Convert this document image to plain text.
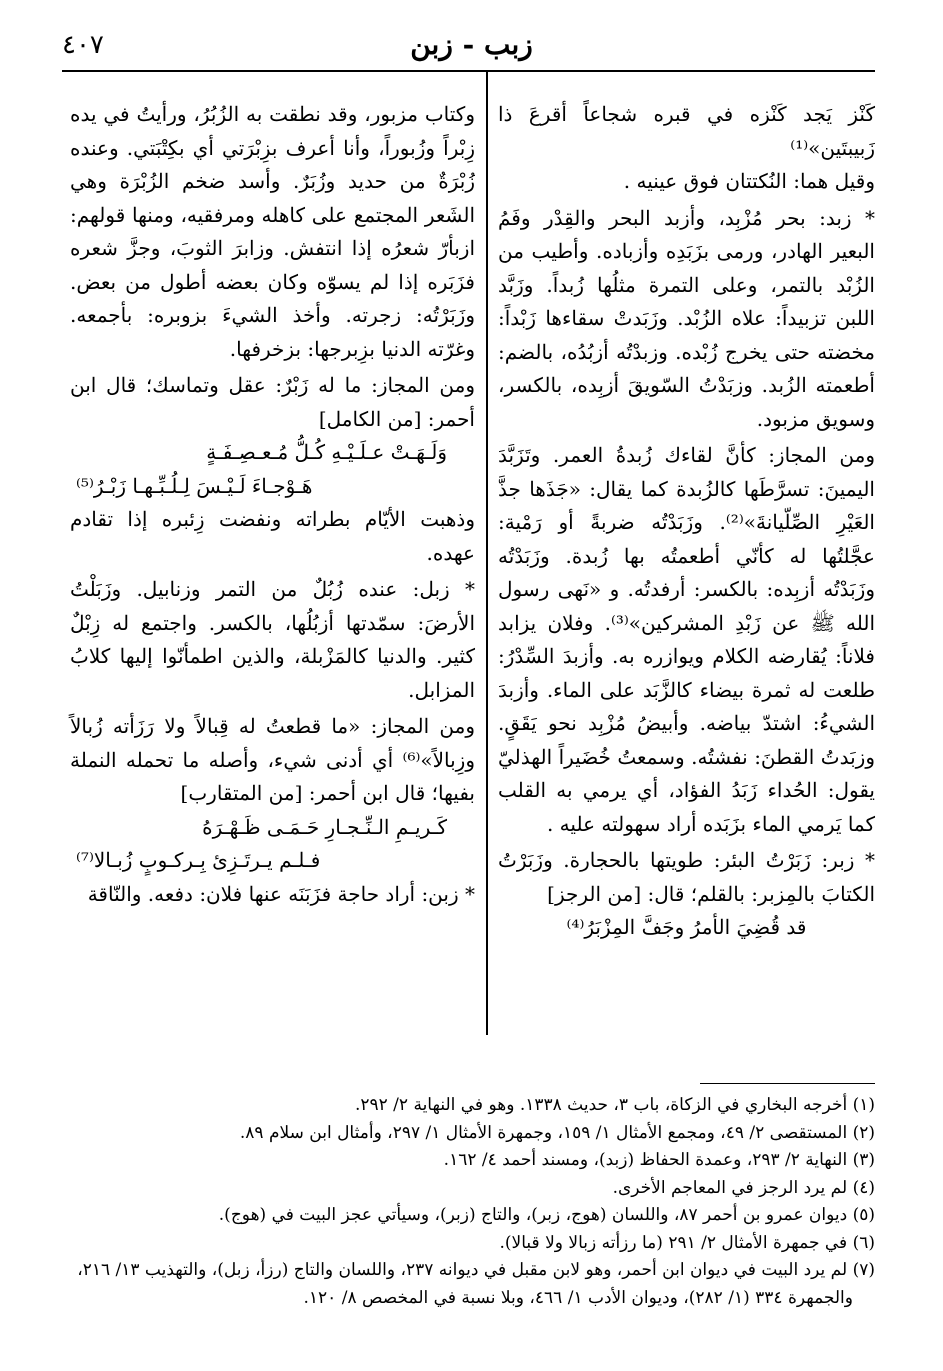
٤٠٧	زبب - زبن

كَنْز يَجد كَنْزه في قبره شجاعاً أقرعَ ذا زَبيبتَين»⁽¹⁾

وقيل هما: النُكتتان فوق عينيه .

* زبد: بحر مُزْبِد، وأزبد البحر والقِدْر وفَمُ البعير الهادر، ورمى بزَبَدِه وأزباده. وأطيب من الزُبْد بالتمر، وعلى التمرة مثلُها زُبداً. وزَبَّد اللبن تزبيداً: علاه الزُبْد. وزَبَدتْ سقاءها زَبْداً: مخضته حتى يخرج زُبْده. وزبدْتُه أزبُدُه، بالضم: أطعمته الزُبد. وزبَدْتُ السّويقَ أزبِده، بالكسر، وسويق مزبود.

ومن المجاز: كأنَّ لقاءك زُبدةُ العمر. وتَزَبَّدَ اليمينَ: تسرَّطَها كالزُبدة كما يقال: «جَذَها جذَّ العَيْرِ الصِّلّيانةَ»⁽²⁾. وزَبَدْتُه ضربةً أو رَمْية: عجَّلتُها له كأنّي أطعمتُه بها زُبدة. وزَبَدْتُه وزَبَدْتُه أزبِده: بالكسر: أرفدتُه. و «نَهى رسول الله ﷺ عن زَبْدِ المشركين»⁽³⁾. وفلان يزابد فلاناً: يُقارضه الكلام ويوازره به. وأزبدَ السِّدْرُ: طلعت له ثمرة بيضاء كالزَّبَد على الماء. وأزبدَ الشيءُ: اشتدّ بياضه. وأبيضُ مُزْبِد نحو يَقَقٍ. وزبَدتُ القطنَ: نفشتُه. وسمعتُ خُضَيراً الهذليّ يقول: الحُداء زَبَدُ الفؤاد، أي يرمي به القلب كما يَرمي الماء بزَبَده أراد سهولته عليه .

* زبر: زَبَرْتُ البئر: طويتها بالحجارة. وزَبَرْتُ الكتابَ بالمِزبر: بالقلم؛ قال: [من الرجز]

قد قُضِيَ الأمرُ وجَفَّ المِزْبَرُ⁽⁴⁾

وكتاب مزبور، وقد نطقت به الزُبُرُ، ورأيتُ في يده زِبْراً وزُبوراً، وأنا أعرف بزِبْرَتي أي بكِتْبَتي. وعنده زُبْرَةٌ من حديد وزُبَرٌ. وأسد ضخم الزُبْرَة وهي الشَعر المجتمع على كاهله ومرفقيه، ومنها قولهم: ازبأرّ شعرُه إذا انتفش. وزابرَ الثوبَ، وجزَّ شعره فزَبَره إذا لم يسوّه وكان بعضه أطول من بعض. وزَبَرْتُه: زجرته. وأخذ الشيءَ بزوبره: بأجمعه. وغرّته الدنيا بزِبرجها: بزخرفها.

ومن المجاز: ما له زَبْرٌ: عقل وتماسك؛ قال ابن أحمر: [من الكامل]

وَلَـهَـتْ عـلَـيْـهِ كُـلُّ مُـعـصِـفَـةٍ

هَـوْجـاءَ لَـيْـسَ لِـلُـبِّـهـا زَبْـرُ⁽⁵⁾

وذهبت الأيّام بطراته ونفضت زِئبره إذا تقادم عهده.

* زبل: عنده زُبُلٌ من التمر وزنابيل. وزَبَلْتُ الأرضَ: سمّدتها أزبُلُها، بالكسر. واجتمع له زِبْلٌ كثير. والدنيا كالمَزْبلة، والذين اطمأنّوا إليها كلابُ المزابل.

ومن المجاز: «ما قطعتُ له قِبالاً ولا رَزَأته زُبالاً وزِبالاً»⁽⁶⁾ أي أدنى شيء، وأصله ما تحمله النملة بفيها؛ قال ابن أحمر: [من المتقارب]

كَـريـمِ الـنِّـجـارِ حَـمَـى ظَـهْـرَهُ

فـلـم يـرتَـزِئ بِـركـوبٍ زُبـالا⁽⁷⁾

* زبن: أراد حاجة فزَبَنَه عنها فلان: دفعه. والنّاقة

(١) أخرجه البخاري في الزكاة، باب ٣، حديث ١٣٣٨. وهو في النهاية ٢/ ٢٩٢.
(٢) المستقصى ٢/ ٤٩، ومجمع الأمثال ١/ ١٥٩، وجمهرة الأمثال ١/ ٢٩٧، وأمثال ابن سلام ٨٩.
(٣) النهاية ٢/ ٢٩٣، وعمدة الحفاظ (زبد)، ومسند أحمد ٤/ ١٦٢.
(٤) لم يرد الرجز في المعاجم الأخرى.
(٥) ديوان عمرو بن أحمر ٨٧، واللسان (هوج، زبر)، والتاج (زبر)، وسيأتي عجز البيت في (هوج).
(٦) في جمهرة الأمثال ٢/ ٢٩١ (ما رزأته زبالا ولا قبالا).
(٧) لم يرد البيت في ديوان ابن أحمر، وهو لابن مقبل في ديوانه ٢٣٧، واللسان والتاج (رزأ، زبل)، والتهذيب ١٣/ ٢١٦،
والجمهرة ٣٣٤ (١/ ٢٨٢)، وديوان الأدب ١/ ٤٦٦، وبلا نسبة في المخصص ٨/ ١٢٠.
